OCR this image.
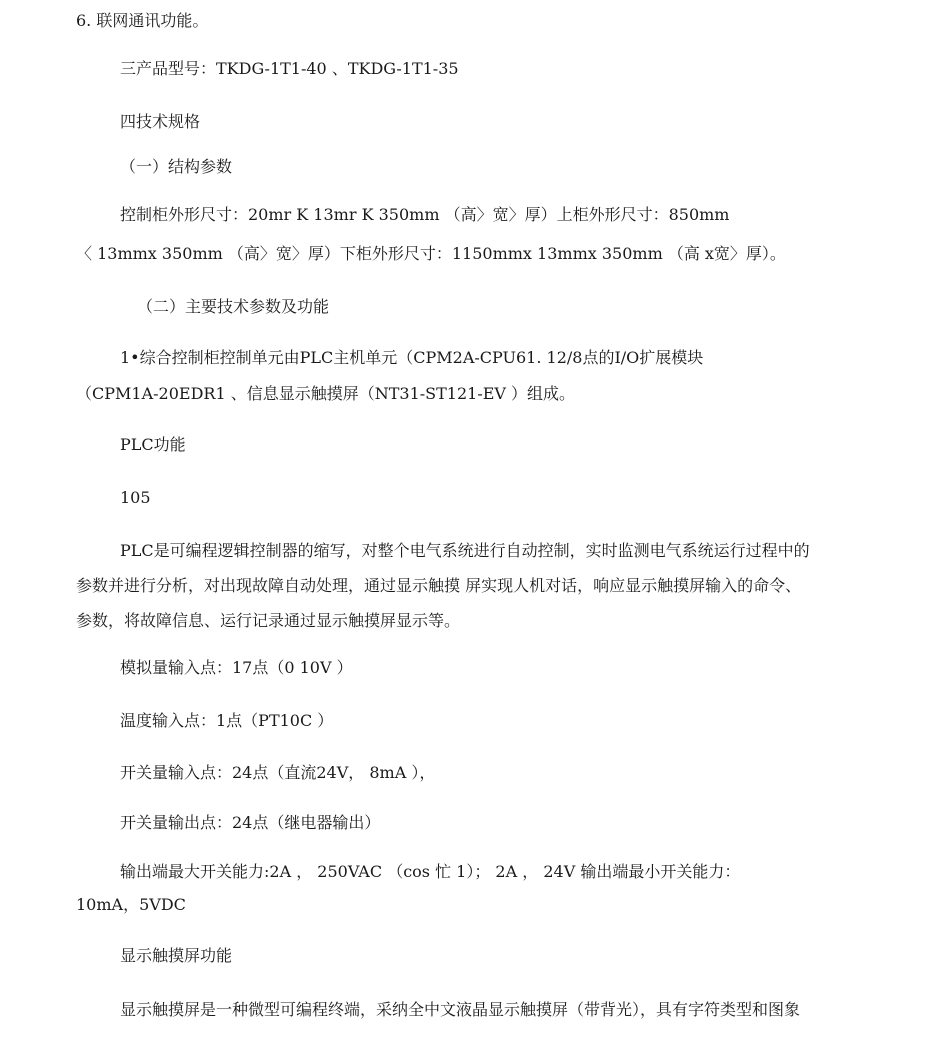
6. 联网通讯功能。
三产品型号：TKDG-1T1-40 、TKDG-1T1-35
四技术规格
（一）结构参数
控制柜外形尺寸：20mr K 13mr K 350mm （高〉宽〉厚）上柜外形尺寸：850mm
〈 13mmx 350mm （高〉宽〉厚）下柜外形尺寸：1150mmx 13mmx 350mm （高 x宽〉厚）。
（二）主要技术参数及功能
1•综合控制柜控制单元由PLC主机单元（CPM2A-CPU61. 12/8点的I/O扩展模块
（CPM1A-20EDR1 、信息显示触摸屏（NT31-ST121-EV ）组成。
PLC功能
105
PLC是可编程逻辑控制器的缩写，对整个电气系统进行自动控制，实时监测电气系统运行过程中的
参数并进行分析，对出现故障自动处理，通过显示触摸 屏实现人机对话，响应显示触摸屏输入的命令、
参数，将故障信息、运行记录通过显示触摸屏显示等。
模拟量输入点：17点（0 10V ）
温度输入点：1点（PT10C ）
开关量输入点：24点（直流24V， 8mA ），
开关量输出点：24点（继电器输出）
输出端最大开关能力:2A ， 250VAC （cos 忙 1）； 2A ， 24V 输出端最小开关能力：
10mA，5VDC
显示触摸屏功能
显示触摸屏是一种微型可编程终端，采纳全中文液晶显示触摸屏（带背光），具有字符类型和图象
